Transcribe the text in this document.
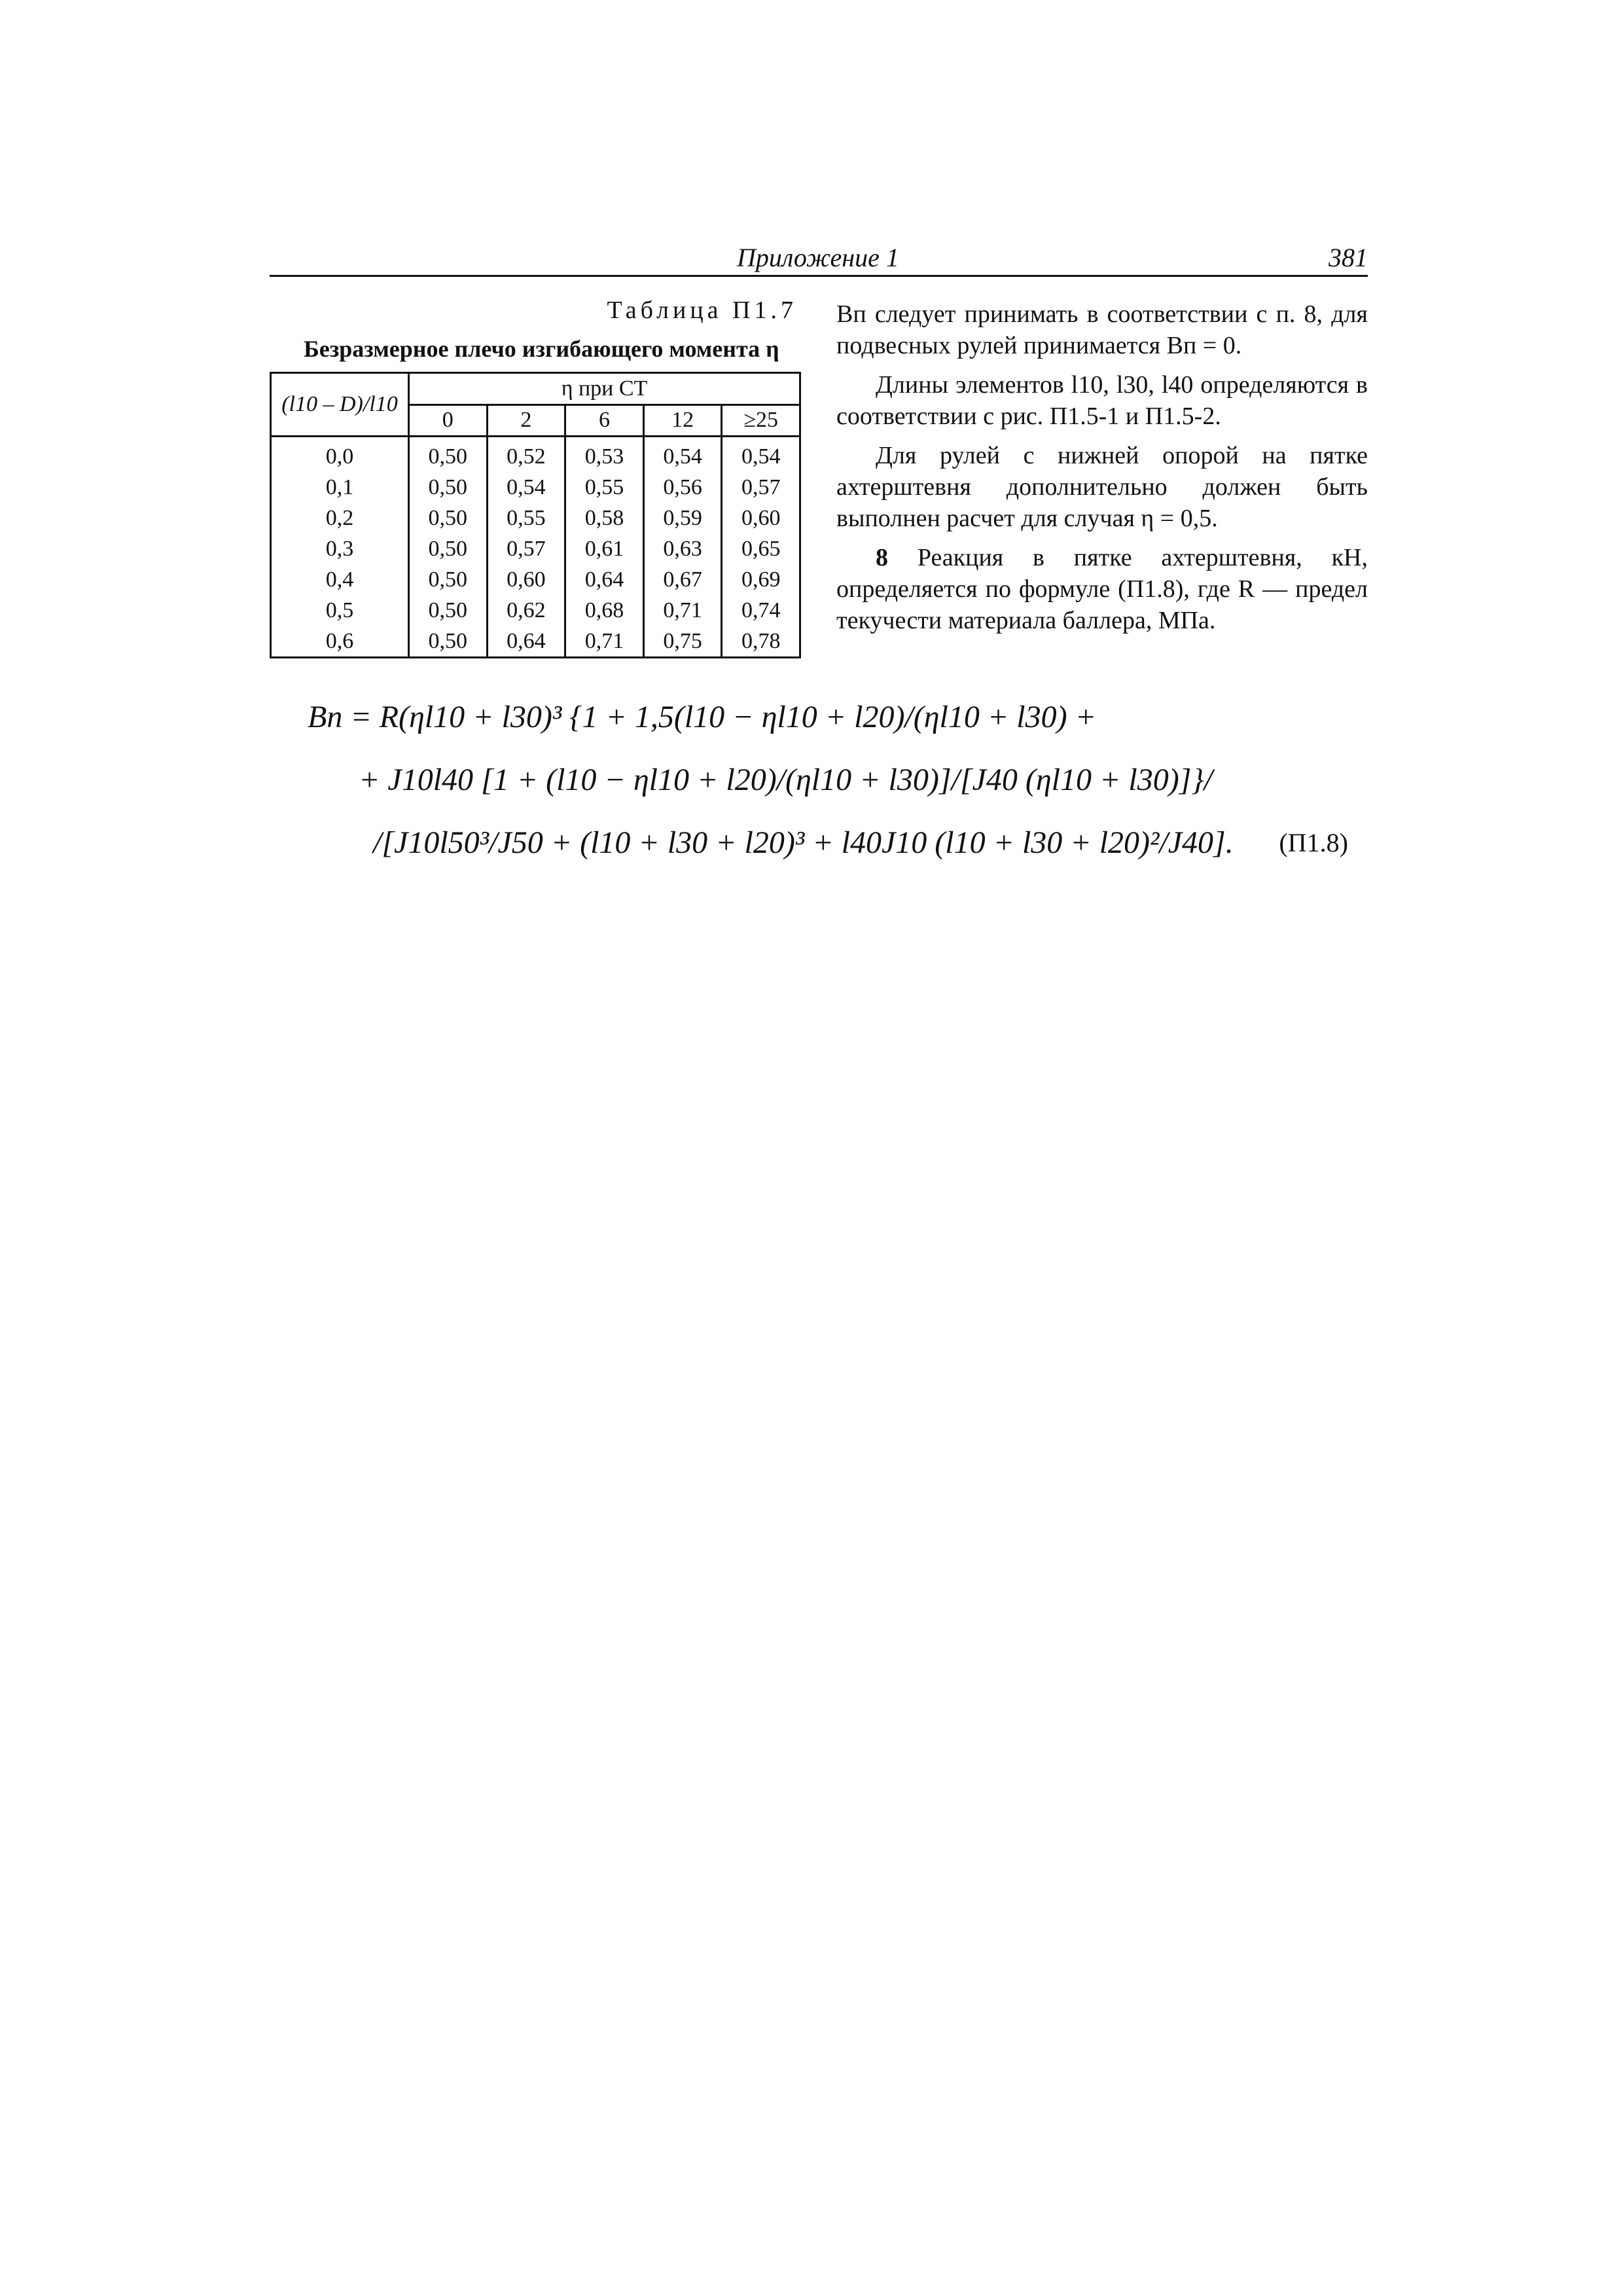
Приложение 1	381
Таблица П1.7
Безразмерное плечо изгибающего момента η
(l10 – D)/l10	η при CT				
	0	2	6	12	≥25
0,0	0,50	0,52	0,53	0,54	0,54
0,1	0,50	0,54	0,55	0,56	0,57
0,2	0,50	0,55	0,58	0,59	0,60
0,3	0,50	0,57	0,61	0,63	0,65
0,4	0,50	0,60	0,64	0,67	0,69
0,5	0,50	0,62	0,68	0,71	0,74
0,6	0,50	0,64	0,71	0,75	0,78

Bп следует принимать в соответствии с п. 8, для подвесных рулей принимается Bп = 0.

Длины элементов l10, l30, l40 определяются в соответствии с рис. П1.5-1 и П1.5-2.

Для рулей с нижней опорой на пятке ахтерштевня дополнительно должен быть выполнен расчет для случая η = 0,5.

8 Реакция в пятке ахтерштевня, кН, определяется по формуле (П1.8), где R — предел текучести материала баллера, МПа.

Bп = R(ηl10 + l30)³ {1 + 1,5(l10 − ηl10 + l20)/(ηl10 + l30) +
+ J10l40 [1 + (l10 − ηl10 + l20)/(ηl10 + l30)]/[J40 (ηl10 + l30)]}/
/[J10l50³/J50 + (l10 + l30 + l20)³ + l40J10 (l10 + l30 + l20)²/J40].	(П1.8)
